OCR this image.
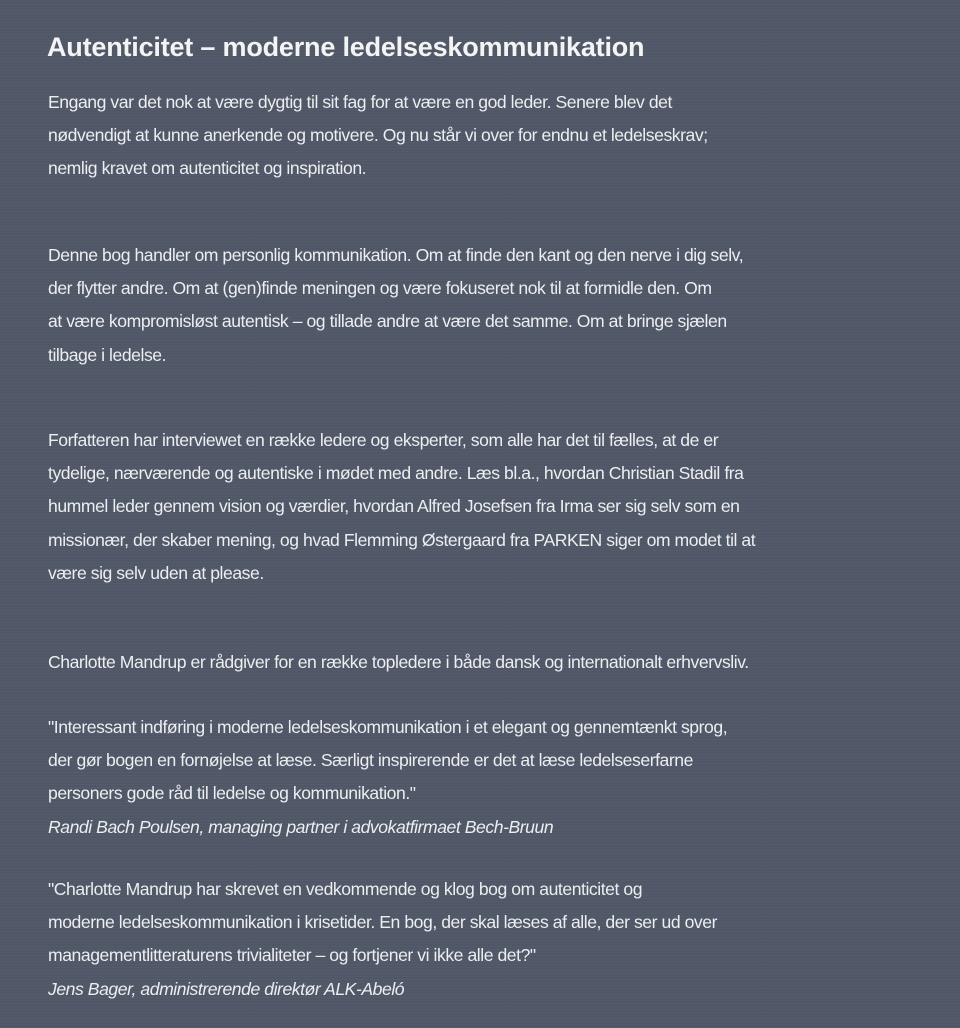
Autenticitet – moderne ledelseskommunikation
Engang var det nok at være dygtig til sit fag for at være en god leder. Senere blev det
nødvendigt at kunne anerkende og motivere. Og nu står vi over for endnu et ledelseskrav;
nemlig kravet om autenticitet og inspiration.
Denne bog handler om personlig kommunikation. Om at finde den kant og den nerve i dig selv,
der flytter andre. Om at (gen)finde meningen og være fokuseret nok til at formidle den. Om
at være kompromisløst autentisk – og tillade andre at være det samme. Om at bringe sjælen
tilbage i ledelse.
Forfatteren har interviewet en række ledere og eksperter, som alle har det til fælles, at de er
tydelige, nærværende og autentiske i mødet med andre. Læs bl.a., hvordan Christian Stadil fra
hummel leder gennem vision og værdier, hvordan Alfred Josefsen fra Irma ser sig selv som en
missionær, der skaber mening, og hvad Flemming Østergaard fra PARKEN siger om modet til at
være sig selv uden at please.
Charlotte Mandrup er rådgiver for en række topledere i både dansk og internationalt erhvervsliv.
"Interessant indføring i moderne ledelseskommunikation i et elegant og gennemtænkt sprog,
der gør bogen en fornøjelse at læse. Særligt inspirerende er det at læse ledelseserfarne
personers gode råd til ledelse og kommunikation."
Randi Bach Poulsen, managing partner i advokatfirmaet Bech-Bruun
"Charlotte Mandrup har skrevet en vedkommende og klog bog om autenticitet og
moderne ledelseskommunikation i krisetider. En bog, der skal læses af alle, der ser ud over
managementlitteraturens trivialiteter – og fortjener vi ikke alle det?"
Jens Bager, administrerende direktør ALK-Abeló
